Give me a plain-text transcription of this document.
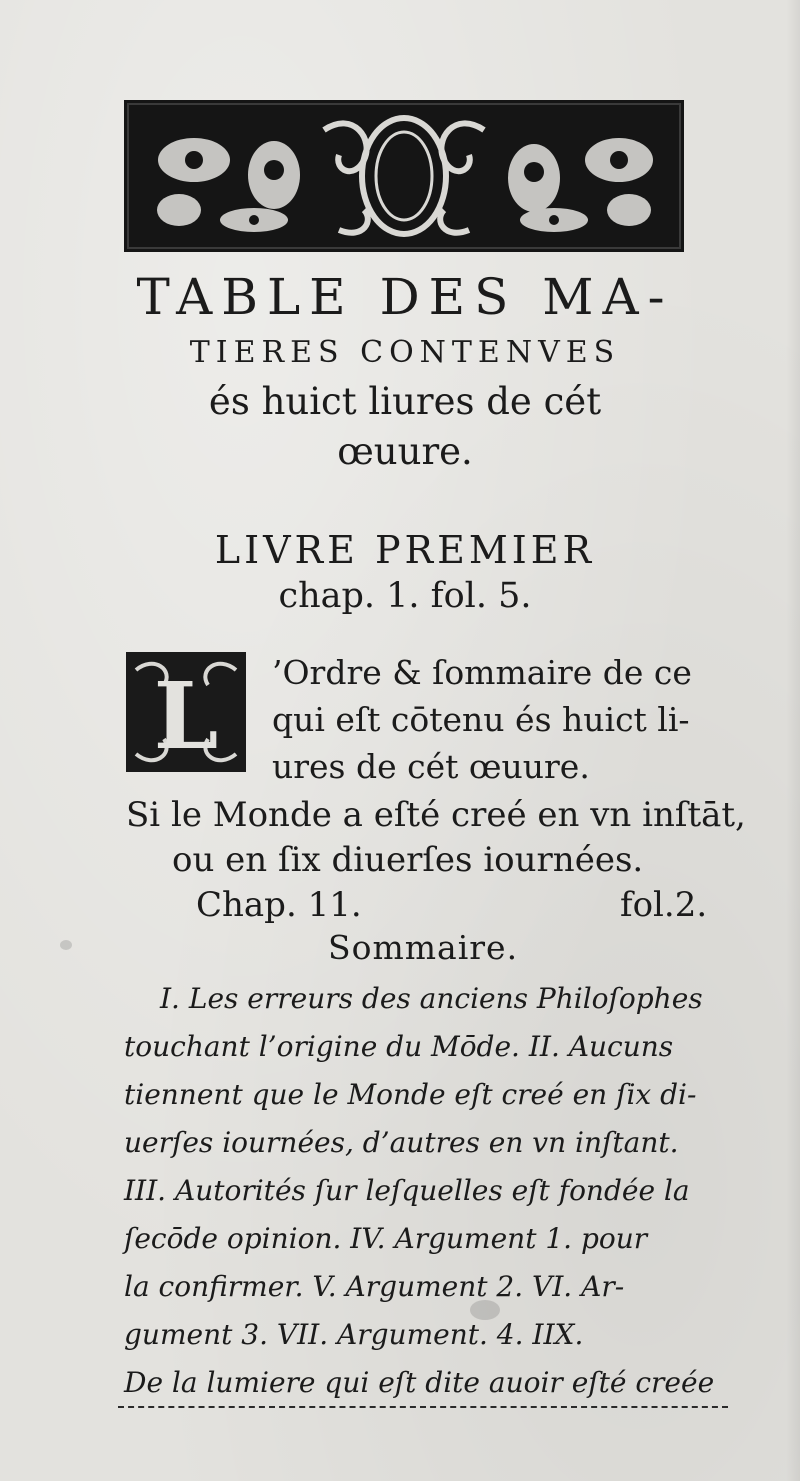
TABLE DES MA-
TIERES CONTENVES
és huict liures de cét
œuure.
LIVRE PREMIER
chap. 1. fol. 5.
L ’Ordre & ſommaire de ce
qui eſt cōtenu és huict li-
ures de cét œuure.
Si le Monde a eſté creé en vn inſtāt,
ou en ſix diuerſes iournées.
Chap. 11.	fol.2.
Sommaire.
I. Les erreurs des anciens Philoſophes
touchant l’origine du Mōde. II. Aucuns
tiennent que le Monde eſt creé en ſix di-
uerſes iournées, d’autres en vn inſtant.
III. Autorités ſur leſquelles eſt fondée la
ſecōde opinion. IV. Argument 1. pour
la confirmer. V. Argument 2. VI. Ar-
gument 3. VII. Argument. 4. IIX.
De la lumiere qui eſt dite auoir eſté creée
